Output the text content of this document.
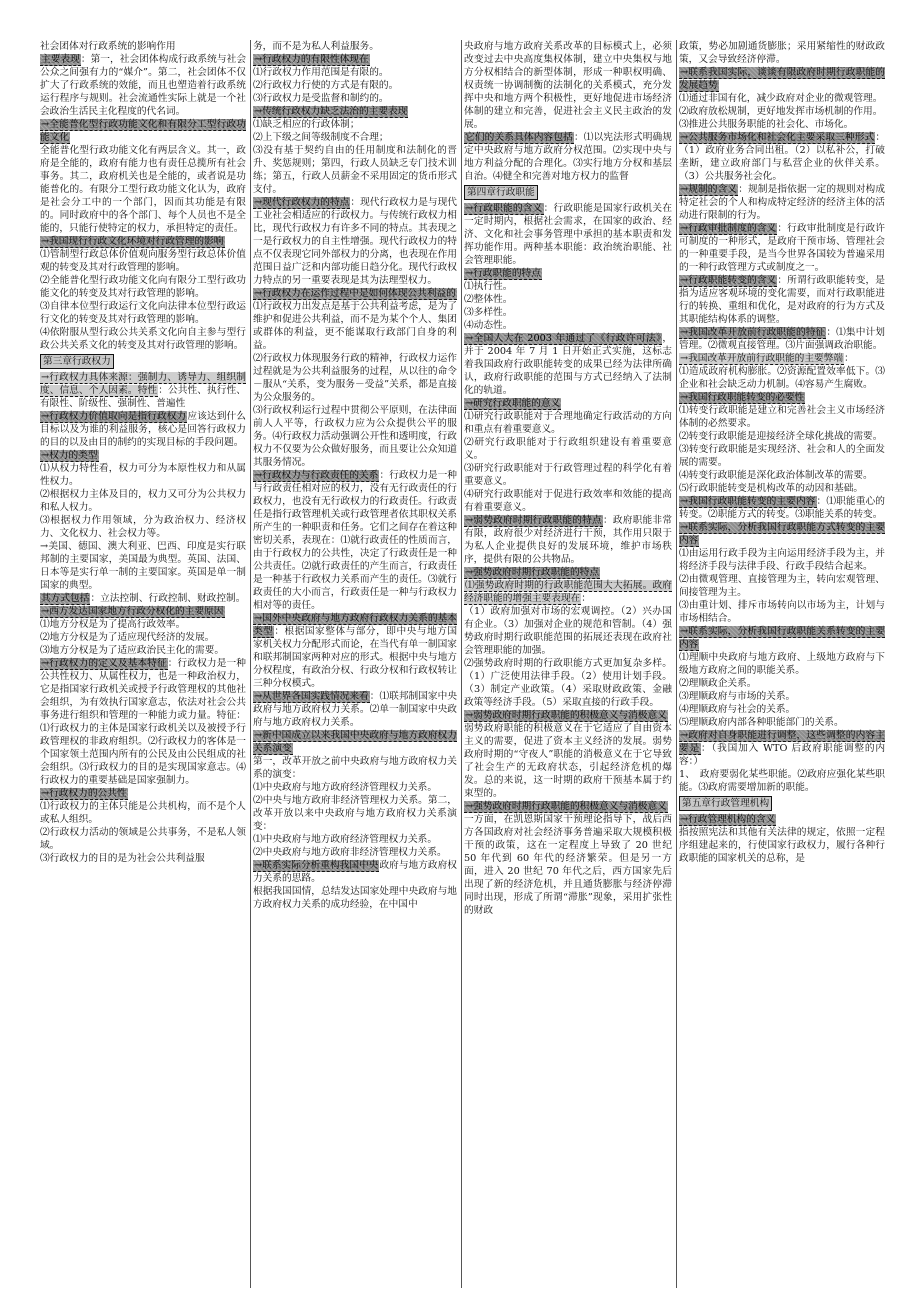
社会团体对行政系统的影响作用

主要表现：第一，社会团体构成行政系统与社会公众之间强有力的“媒介”。第二，社会团体不仅扩大了行政系统的效能，而且也塑造着行政系统运行程序与规则。社会流通性实际上就是一个社会政治生活民主化程度的代名词。

→全能普化型行政功能文化和有限分工型行政功能文化

全能普化型行政功能文化有两层含义。其一，政府是全能的，政府有能力也有责任总揽所有社会事务。其二，政府机关也是全能的，或者说是功能普化的。有限分工型行政功能文化认为，政府是社会分工中的一个部门，因而其功能是有限的。同时政府中的各个部门、每个人员也不是全能的，只能行使特定的权力，承担特定的责任。

→我国现行行政文化环境对行政管理的影响

⑴管制型行政总体价值观向服务型行政总体价值观的转变及其对行政管理的影响。

⑵全能普化型行政功能文化向有限分工型行政功能文化的转变及其对行政管理的影响。

⑶自律本位型行政运行文化向法律本位型行政运行文化的转变及其对行政管理的影响。

⑷依附服从型行政公共关系文化向自主参与型行政公共关系文化的转变及其对行政管理的影响。

第三章行政权力

→行政权力具体来源：强制力、诱导力、组织制度、信息、个人因素。特性：公共性、执行性、有限性、阶级性、强制性、普遍性

→行政权力价值取向是指行政权力应该达到什么目标以及为谁的利益服务，核心是回答行政权力的目的以及由目的制约的实现目标的手段问题。

→权力的类型

⑴从权力特性看，权力可分为本原性权力和从属性权力。

⑵根据权力主体及目的，权力又可分为公共权力和私人权力。

⑶根据权力作用领域，分为政治权力、经济权力、文化权力、社会权力等。

→美国、德国、澳大利亚、巴西、印度是实行联邦制的主要国家，美国最为典型。英国、法国、日本等是实行单一制的主要国家。英国是单一制国家的典型。

其方式包括：立法控制、行政控制、财政控制。

→西方发达国家地方行政分权化的主要原因

⑴地方分权是为了提高行政效率。

⑵地方分权是为了适应现代经济的发展。

⑶地方分权是为了适应政治民主化的需要。

→行政权力的定义及基本特征：行政权力是一种公共性权力、从属性权力，也是一种政治权力，它是指国家行政机关或授予行政管理权的其他社会组织，为有效执行国家意志，依法对社会公共事务进行组织和管理的一种能力或力量。特征：⑴行政权力的主体是国家行政机关以及被授予行政管理权的非政府组织。⑵行政权力的客体是一个国家领土范围内所有的公民及由公民组成的社会组织。⑶行政权力的目的是实现国家意志。⑷行政权力的重要基础是国家强制力。

→行政权力的公共性

⑴行政权力的主体只能是公共机构，而不是个人或私人组织。

⑵行政权力活动的领域是公共事务，不是私人领域。

⑶行政权力的目的是为社会公共利益服

务，而不是为私人利益服务。

→行政权力的有限性体现在

⑴行政权力作用范围是有限的。

⑵行政权力行使的方式是有限的。

⑶行政权力是受监督和制约的。

→传统行政权力缺乏法治的主要表现

⑴缺乏相应的行政体制；

⑵上下级之间等级制度不合理；

⑶没有基于契约自由的任用制度和法制化的晋升、奖惩规则；第四，行政人员缺乏专门技术训练；第五，行政人员薪金不采用固定的货币形式支付。

→现代行政权力的特点：现代行政权力是与现代工业社会相适应的行政权力。与传统行政权力相比，现代行政权力有许多不同的特点。其表现之一是行政权力的自主性增强。现代行政权力的特点不仅表现它同外部权力的分离，也表现在作用范围日益广泛和内部功能日趋分化。现代行政权力特点的另一重要表现是其为法理型权力。

→行政权力在运作过程中是如何体现公共利益的

⑴行政权力出发点是基于公共利益考虑，是为了维护和促进公共利益，而不是为某个个人、集团或群体的利益，更不能谋取行政部门自身的利益。

⑵行政权力体现服务行政的精神，行政权力运作过程就是为公共利益服务的过程，从以往的命令－服从“关系，变为服务－受益”关系，都是直接为公众服务的。

⑶行政权利运行过程中贯彻公平原则，在法律面前人人平等，行政权力应为公众提供公平的服务。⑷行政权力活动强调公开性和透明度，行政权力不仅要为公众做好服务，而且要让公众知道其服务情况。

→行政权力与行政责任的关系：行政权力是一种与行政责任相对应的权力，没有无行政责任的行政权力，也没有无行政权力的行政责任。行政责任是指行政管理机关或行政管理者依其职权关系所产生的一种职责和任务。它们之间存在着这种密切关系，表现在：⑴就行政责任的性质而言，由于行政权力的公共性，决定了行政责任是一种公共责任。⑵就行政责任的产生而言，行政责任是一种基于行政权力关系而产生的责任。⑶就行政责任的大小而言，行政责任是一种与行政权力相对等的责任。

→国外中央政府与地方政府行政权力关系的基本类型：根据国家整体与部分，即中央与地方国家机关权力分配形式而论，在当代有单一制国家和联邦制国家两种对应的形式。根据中央与地方分权程度，有政治分权、行政分权和行政权转让三种分权模式。

→从世界各国实践情况来看：⑴联邦制国家中央政府与地方政府权力关系。⑵单一制国家中央政府与地方政府权力关系。

→新中国成立以来我国中央政府与地方政府权力关系演变

第一，改革开放之前中央政府与地方政府权力关系的演变：

⑴中央政府与地方政府经济管理权力关系。

⑵中央与地方政府非经济管理权力关系。第二，改革开放以来中央政府与地方政府权力关系演变：

⑴中央政府与地方政府经济管理权力关系。

⑵中央政府与地方政府非经济管理权力关系。

→联系实际分析重构我国中央政府与地方政府权力关系的思路。

根据我国国情，总结发达国家处理中央政府与地方政府权力关系的成功经验，在中国中

央政府与地方政府关系改革的目标模式上，必须改变过去中央高度集权体制，建立中央集权与地方分权相结合的新型体制，形成一种职权明确、权责统一协调制衡的法制化的关系模式，充分发挥中央和地方两个积极性，更好地促进市场经济体制的建立和完善，促进社会主义民主政治的发展。

它们的关系具体内容包括：⑴以宪法形式明确规定中央政府与地方政府分权范围。⑵实现中央与地方利益分配的合理化。⑶实行地方分权和基层自治。⑷健全和完善对地方权力的监督

第四章行政职能

→行政职能的含义：行政职能是国家行政机关在一定时期内，根据社会需求，在国家的政治、经济、文化和社会事务管理中承担的基本职责和发挥功能作用。两种基本职能：政治统治职能、社会管理职能。

→行政职能的特点

⑴执行性。

⑵整体性。

⑶多样性。

⑷动态性。

→全国人大在 2003 年通过了《行政许可法》，并于 2004 年 7 月 1 日开始正式实施，这标志着我国政府行政职能转变的成果已经为法律所确认，政府行政职能的范围与方式已经纳入了法制化的轨道。

→研究行政职能的意义

⑴研究行政职能对于合理地确定行政活动的方向和重点有着重要意义。

⑵研究行政职能对于行政组织建设有着重要意义。

⑶研究行政职能对于行政管理过程的科学化有着重要意义。

⑷研究行政职能对于促进行政效率和效能的提高有着重要意义。

→弱势政府时期行政职能的特点：政府职能非常有限，政府很少对经济进行干预，其作用只限于为私人企业提供良好的发展环境，维护市场秩序，提供有限的公共物品。

→强势政府时期行政职能的特点

⑴强势政府时期的行政职能范围大大拓展。政府经济职能的增强主要表现在：

（1）政府加强对市场的宏观调控。（2）兴办国有企业。（3）加强对企业的规范和管制。（4）强势政府时期行政职能范围的拓展还表现在政府社会管理职能的加强。

⑵强势政府时期的行政职能方式更加复杂多样。（1）广泛使用法律手段。（2）使用计划手段。（3）制定产业政策。（4）采取财政政策、金融政策等经济手段。（5）采取直接的行政手段。

→弱势政府时期行政职能的积极意义与消极意义

弱势政府职能的积极意义在于它适应了自由资本主义的需要，促进了资本主义经济的发展。弱势政府时期的“守夜人”职能的消极意义在于它导致了社会生产的无政府状态，引起经济危机的爆发。总的来说，这一时期的政府干预基本属于约束型的。

→强势政府时期行政职能的积极意义与消极意义

一方面，在凯恩斯国家干预理论指导下，战后西方各国政府对社会经济事务普遍采取大规模积极干预的政策，这在一定程度上导致了 20 世纪 50 年代到 60 年代的经济繁荣。但是另一方面，进入 20 世纪 70 年代之后，西方国家先后出现了新的经济危机，并且通货膨胀与经济停滞同时出现，形成了所谓“滞胀”现象，采用扩张性的财政

政策，势必加剧通货膨胀；采用紧缩性的财政政策，又会导致经济停滞。

→联系我国实际，谈谈有限政府时期行政职能的发展趋势

⑴通过非国有化，减少政府对企业的微观管理。

⑵政府放松规制，更好地发挥市场机制的作用。

⑶推进公共服务职能的社会化、市场化。

→公共服务市场化和社会化主要采取三种形式：（1）政府业务合同出租。（2）以私补公，打破垄断，建立政府部门与私营企业的伙伴关系。（3）公共服务社会化。

→规制的含义：规制是指依据一定的规则对构成特定社会的个人和构成特定经济的经济主体的活动进行限制的行为。

→行政审批制度的含义：行政审批制度是行政许可制度的一种形式，是政府干预市场、管理社会的一种重要手段，是当今世界各国较为普遍采用的一种行政管理方式或制度之一。

→行政职能转变的含义：所谓行政职能转变，是指为适应客观环境的变化需要，而对行政职能进行的转换、重组和优化，是对政府的行为方式及其职能结构体系的调整。

→我国改革开放前行政职能的特征：⑴集中计划管理。⑵微观直接管理。⑶片面强调政治职能。

→我国改革开放前行政职能的主要弊端：

⑴造成政府机构膨胀。⑵资源配置效率低下。⑶企业和社会缺乏动力机制。⑷容易产生腐败。

→我国行政职能转变的必要性

⑴转变行政职能是建立和完善社会主义市场经济体制的必然要求。

⑵转变行政职能是迎接经济全球化挑战的需要。

⑶转变行政职能是实现经济、社会和人的全面发展的需要。

⑷转变行政职能是深化政治体制改革的需要。

⑸行政职能转变是机构改革的动因和基础。

→我国行政职能转变的主要内容：⑴职能重心的转变。⑵职能方式的转变。⑶职能关系的转变。

→联系实际，分析我国行政职能方式转变的主要内容

⑴由运用行政手段为主向运用经济手段为主，并将经济手段与法律手段、行政手段结合起来。

⑵由微观管理、直接管理为主，转向宏观管理、间接管理为主。

⑶由重计划、排斥市场转向以市场为主，计划与市场相结合。

→联系实际，分析我国行政职能关系转变的主要内容

⑴理顺中央政府与地方政府、上级地方政府与下级地方政府之间的职能关系。

⑵理顺政企关系。

⑶理顺政府与市场的关系。

⑷理顺政府与社会的关系。

⑸理顺政府内部各种职能部门的关系。

→政府对自身职能进行调整，这些调整的内容主要是：（我国加入 WTO 后政府职能调整的内容：）

1、　政府要弱化某些职能。⑵政府应强化某些职能。⑶政府需要增加新的职能。

第五章行政管理机构

→行政管理机构的含义

指按照宪法和其他有关法律的规定，依照一定程序组建起来的，行使国家行政权力，履行各种行政职能的国家机关的总称，是
